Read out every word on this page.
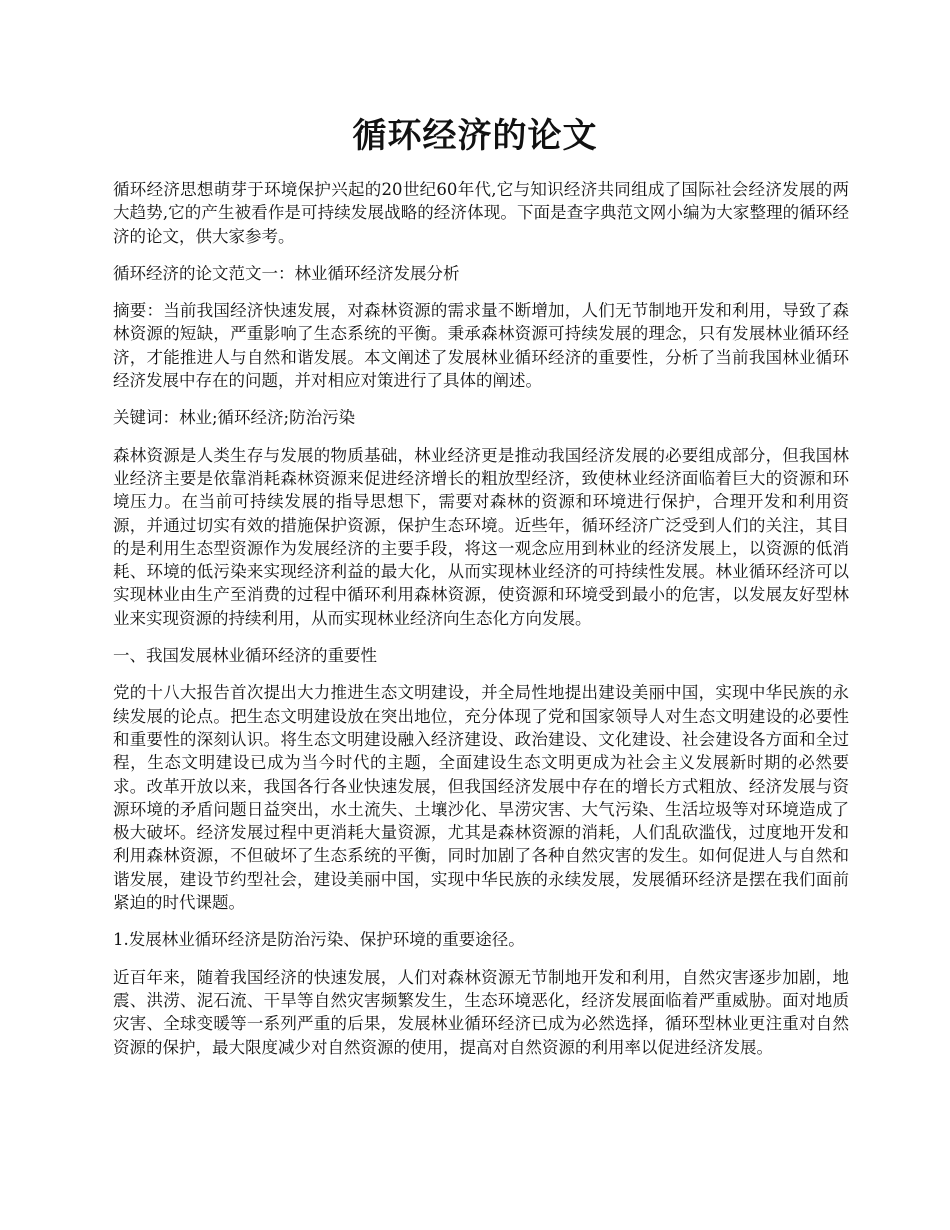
循环经济的论文

循环经济思想萌芽于环境保护兴起的20世纪60年代,它与知识经济共同组成了国际社会经济发展的两大趋势,它的产生被看作是可持续发展战略的经济体现。下面是查字典范文网小编为大家整理的循环经济的论文，供大家参考。

循环经济的论文范文一：林业循环经济发展分析

摘要：当前我国经济快速发展，对森林资源的需求量不断增加，人们无节制地开发和利用，导致了森林资源的短缺，严重影响了生态系统的平衡。秉承森林资源可持续发展的理念，只有发展林业循环经济，才能推进人与自然和谐发展。本文阐述了发展林业循环经济的重要性，分析了当前我国林业循环经济发展中存在的问题，并对相应对策进行了具体的阐述。

关键词：林业;循环经济;防治污染

森林资源是人类生存与发展的物质基础，林业经济更是推动我国经济发展的必要组成部分，但我国林业经济主要是依靠消耗森林资源来促进经济增长的粗放型经济，致使林业经济面临着巨大的资源和环境压力。在当前可持续发展的指导思想下，需要对森林的资源和环境进行保护，合理开发和利用资源，并通过切实有效的措施保护资源，保护生态环境。近些年，循环经济广泛受到人们的关注，其目的是利用生态型资源作为发展经济的主要手段，将这一观念应用到林业的经济发展上，以资源的低消耗、环境的低污染来实现经济利益的最大化，从而实现林业经济的可持续性发展。林业循环经济可以实现林业由生产至消费的过程中循环利用森林资源，使资源和环境受到最小的危害，以发展友好型林业来实现资源的持续利用，从而实现林业经济向生态化方向发展。

一、我国发展林业循环经济的重要性

党的十八大报告首次提出大力推进生态文明建设，并全局性地提出建设美丽中国，实现中华民族的永续发展的论点。把生态文明建设放在突出地位，充分体现了党和国家领导人对生态文明建设的必要性和重要性的深刻认识。将生态文明建设融入经济建设、政治建设、文化建设、社会建设各方面和全过程，生态文明建设已成为当今时代的主题，全面建设生态文明更成为社会主义发展新时期的必然要求。改革开放以来，我国各行各业快速发展，但我国经济发展中存在的增长方式粗放、经济发展与资源环境的矛盾问题日益突出，水土流失、土壤沙化、旱涝灾害、大气污染、生活垃圾等对环境造成了极大破坏。经济发展过程中更消耗大量资源，尤其是森林资源的消耗，人们乱砍滥伐，过度地开发和利用森林资源，不但破坏了生态系统的平衡，同时加剧了各种自然灾害的发生。如何促进人与自然和谐发展，建设节约型社会，建设美丽中国，实现中华民族的永续发展，发展循环经济是摆在我们面前紧迫的时代课题。

1.发展林业循环经济是防治污染、保护环境的重要途径。

近百年来，随着我国经济的快速发展，人们对森林资源无节制地开发和利用，自然灾害逐步加剧，地震、洪涝、泥石流、干旱等自然灾害频繁发生，生态环境恶化，经济发展面临着严重威胁。面对地质灾害、全球变暖等一系列严重的后果，发展林业循环经济已成为必然选择，循环型林业更注重对自然资源的保护，最大限度减少对自然资源的使用，提高对自然资源的利用率以促进经济发展。
